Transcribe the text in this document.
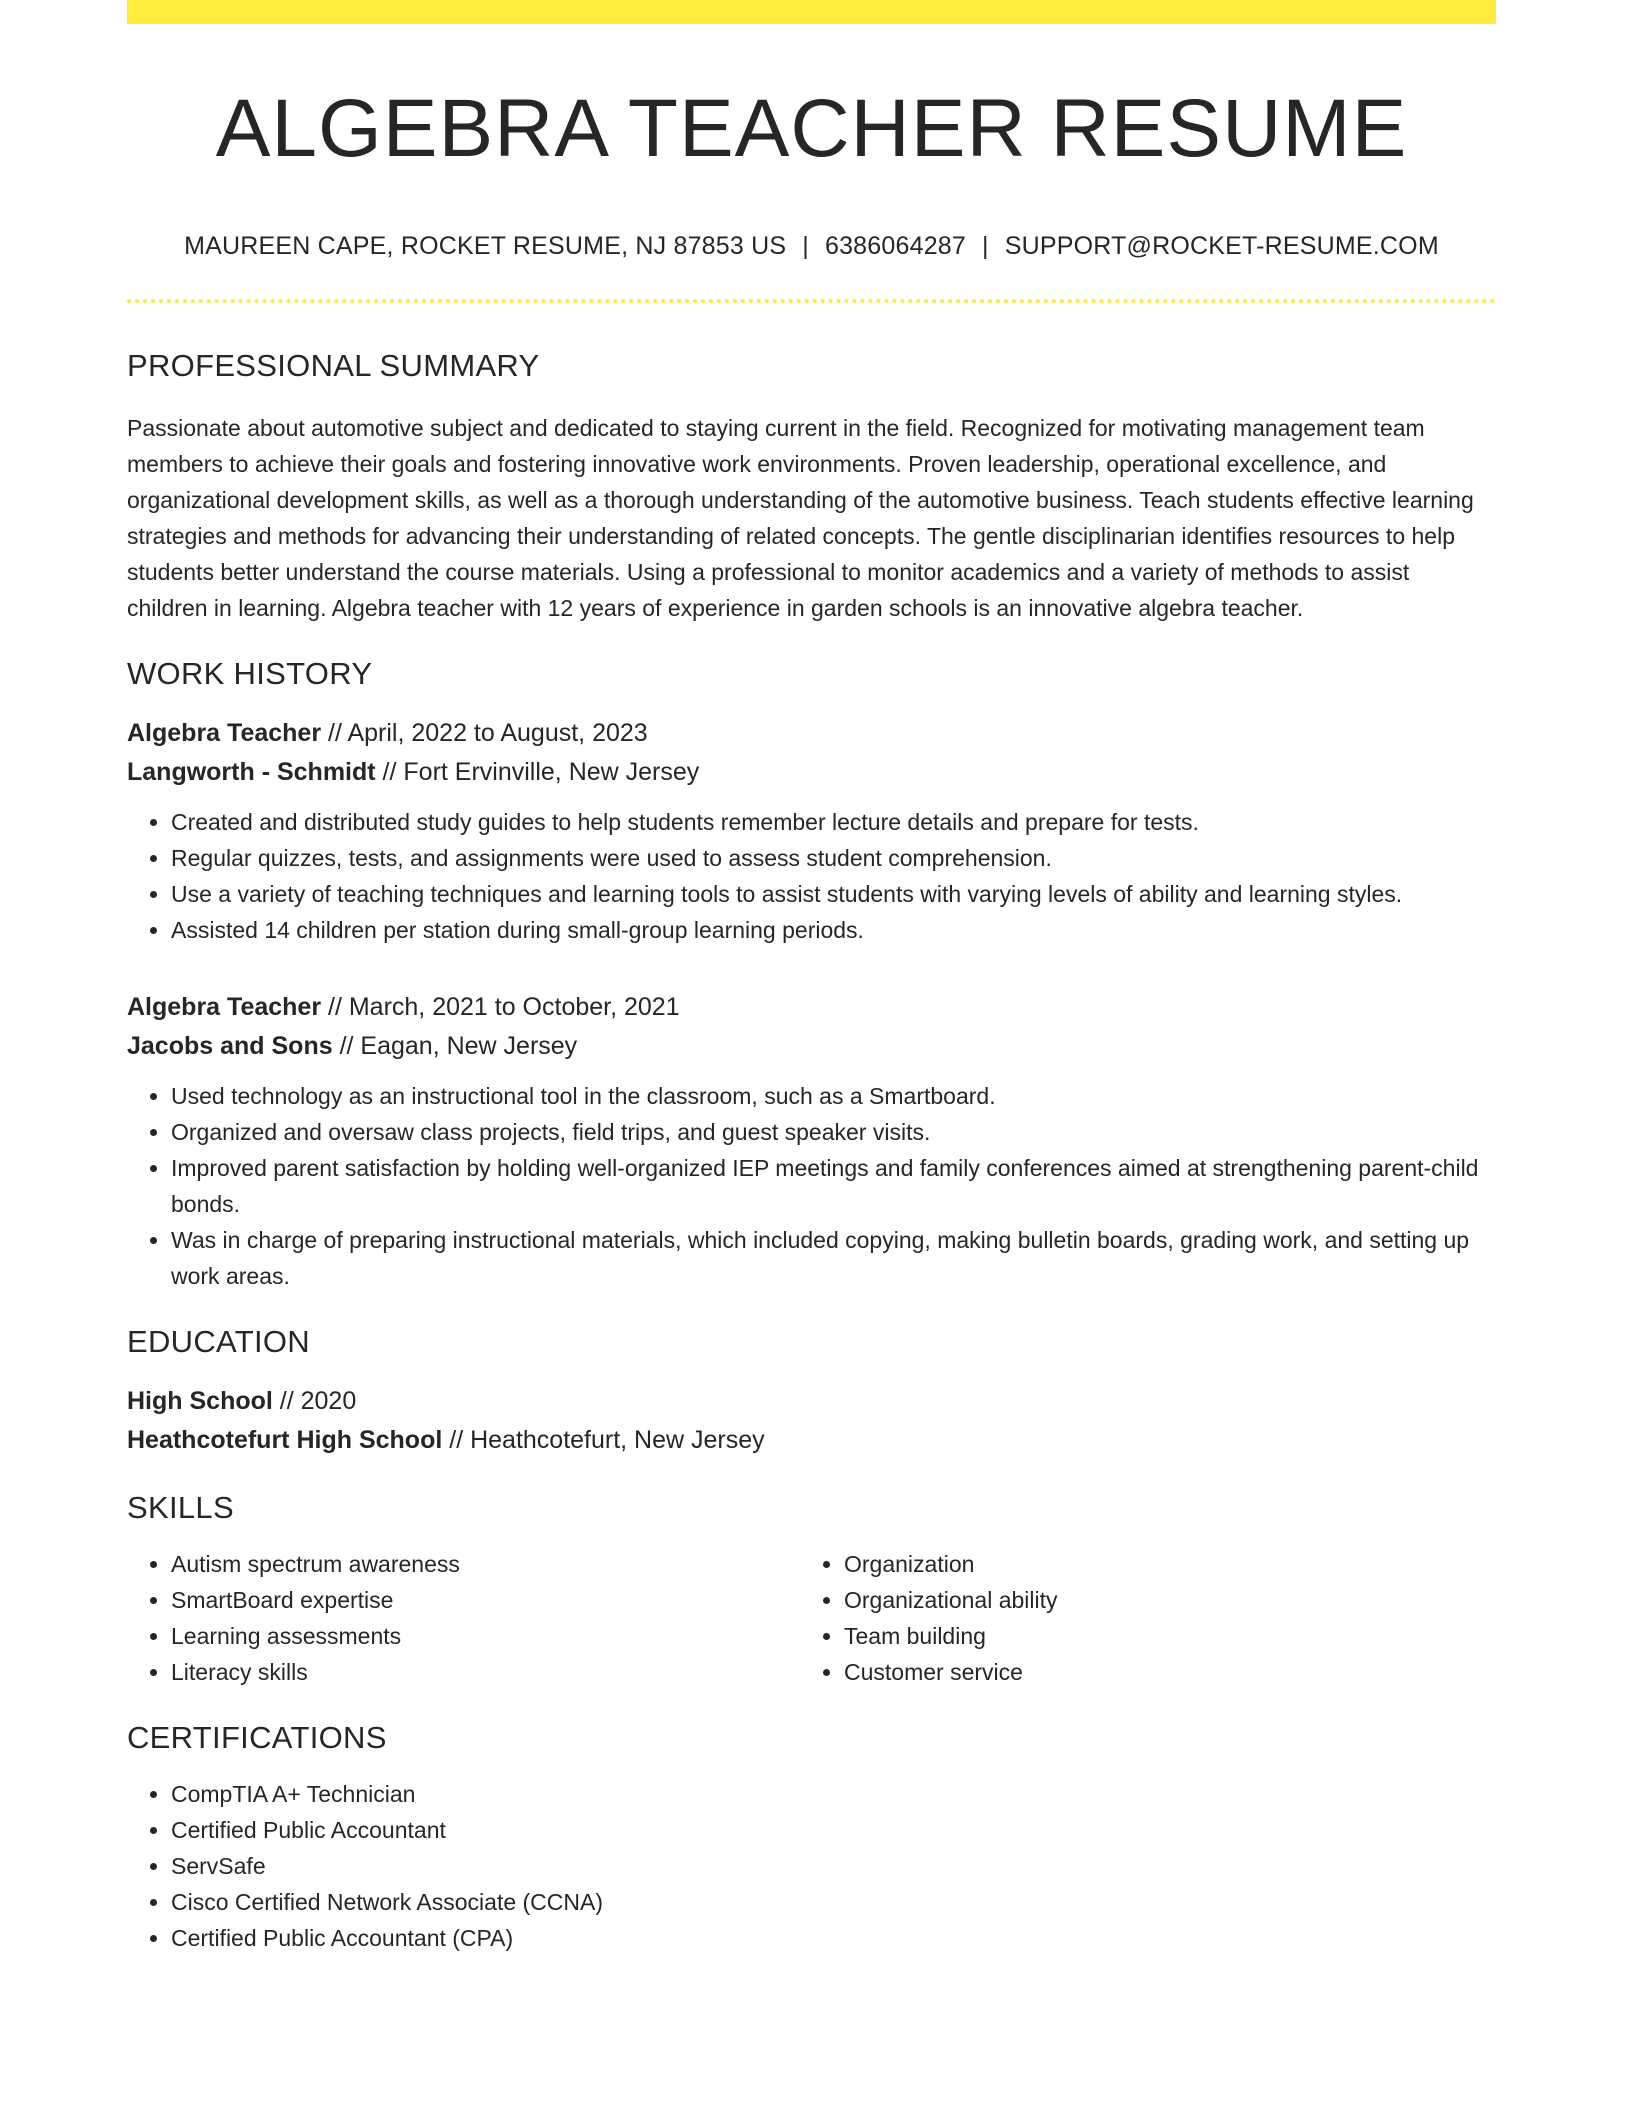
ALGEBRA TEACHER RESUME
MAUREEN CAPE, ROCKET RESUME, NJ 87853 US | 6386064287 | SUPPORT@ROCKET-RESUME.COM
PROFESSIONAL SUMMARY
Passionate about automotive subject and dedicated to staying current in the field. Recognized for motivating management team members to achieve their goals and fostering innovative work environments. Proven leadership, operational excellence, and organizational development skills, as well as a thorough understanding of the automotive business. Teach students effective learning strategies and methods for advancing their understanding of related concepts. The gentle disciplinarian identifies resources to help students better understand the course materials. Using a professional to monitor academics and a variety of methods to assist children in learning. Algebra teacher with 12 years of experience in garden schools is an innovative algebra teacher.
WORK HISTORY
Algebra Teacher // April, 2022 to August, 2023
Langworth - Schmidt // Fort Ervinville, New Jersey
• Created and distributed study guides to help students remember lecture details and prepare for tests.
• Regular quizzes, tests, and assignments were used to assess student comprehension.
• Use a variety of teaching techniques and learning tools to assist students with varying levels of ability and learning styles.
• Assisted 14 children per station during small-group learning periods.
Algebra Teacher // March, 2021 to October, 2021
Jacobs and Sons // Eagan, New Jersey
• Used technology as an instructional tool in the classroom, such as a Smartboard.
• Organized and oversaw class projects, field trips, and guest speaker visits.
• Improved parent satisfaction by holding well-organized IEP meetings and family conferences aimed at strengthening parent-child bonds.
• Was in charge of preparing instructional materials, which included copying, making bulletin boards, grading work, and setting up work areas.
EDUCATION
High School // 2020
Heathcotefurt High School // Heathcotefurt, New Jersey
SKILLS
• Autism spectrum awareness
• SmartBoard expertise
• Learning assessments
• Literacy skills
• Organization
• Organizational ability
• Team building
• Customer service
CERTIFICATIONS
• CompTIA A+ Technician
• Certified Public Accountant
• ServSafe
• Cisco Certified Network Associate (CCNA)
• Certified Public Accountant (CPA)
